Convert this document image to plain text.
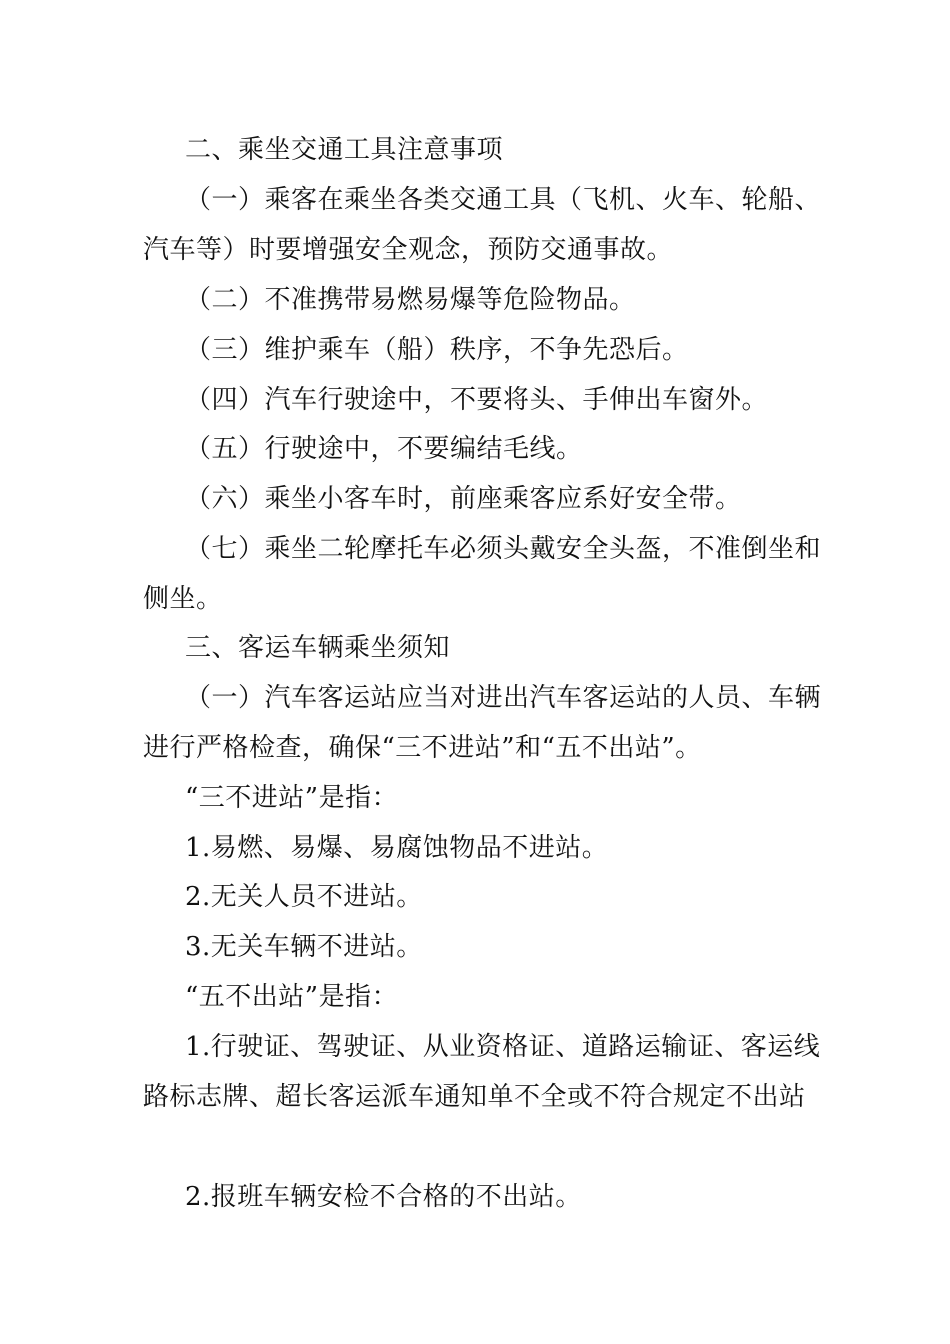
二、乘坐交通工具注意事项
（一）乘客在乘坐各类交通工具（飞机、火车、轮船、
汽车等）时要增强安全观念，预防交通事故。
（二）不准携带易燃易爆等危险物品。
（三）维护乘车（船）秩序，不争先恐后。
（四）汽车行驶途中，不要将头、手伸出车窗外。
（五）行驶途中，不要编结毛线。
（六）乘坐小客车时，前座乘客应系好安全带。
（七）乘坐二轮摩托车必须头戴安全头盔，不准倒坐和
侧坐。
三、客运车辆乘坐须知
（一）汽车客运站应当对进出汽车客运站的人员、车辆
进行严格检查，确保“三不进站”和“五不出站”。
“三不进站”是指：
1.易燃、易爆、易腐蚀物品不进站。
2.无关人员不进站。
3.无关车辆不进站。
“五不出站”是指：
1.行驶证、驾驶证、从业资格证、道路运输证、客运线
路标志牌、超长客运派车通知单不全或不符合规定不出站
2.报班车辆安检不合格的不出站。
